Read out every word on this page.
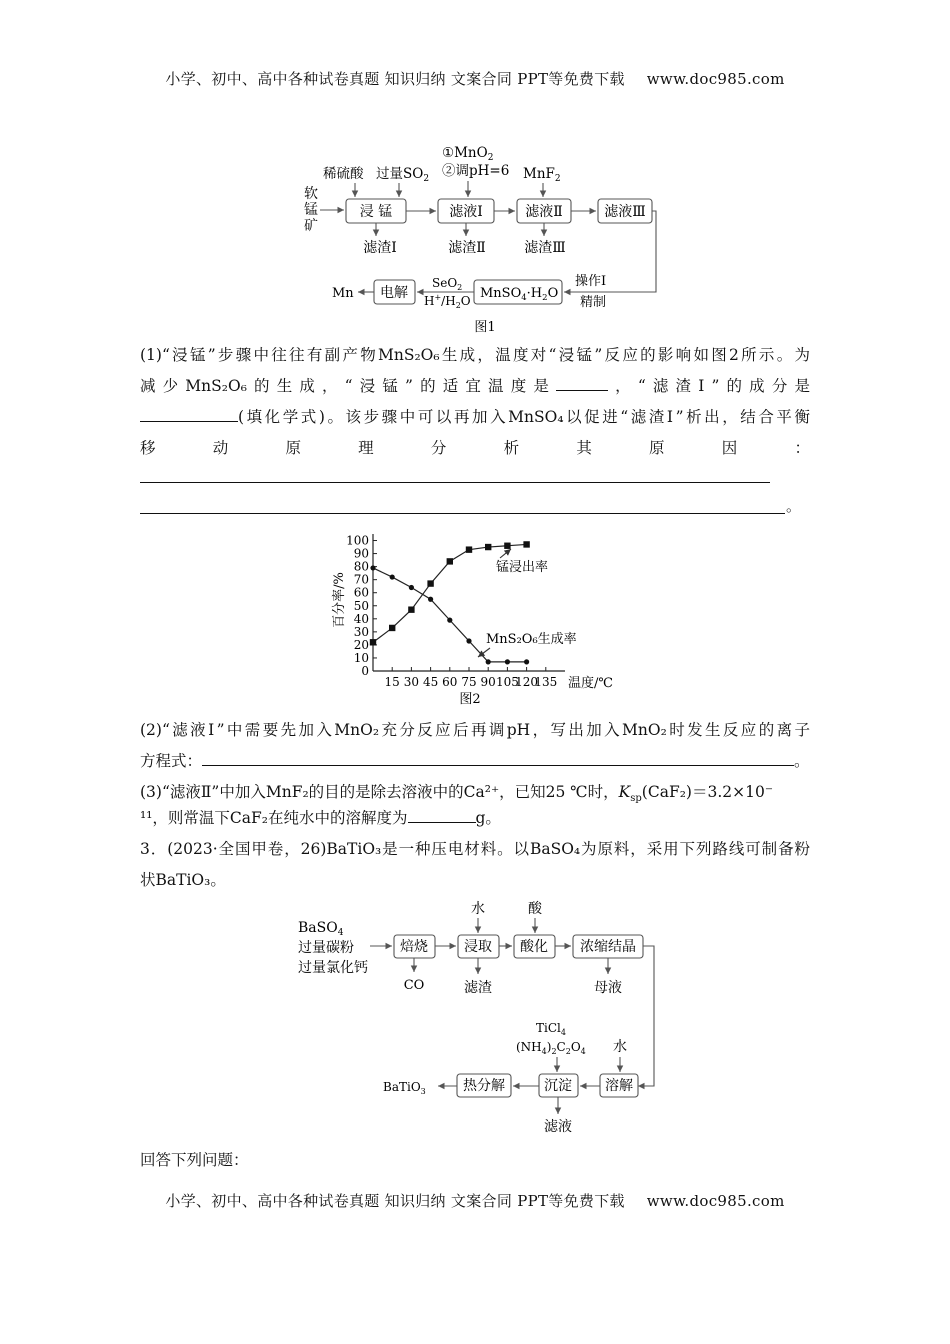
小学、初中、高中各种试卷真题 知识归纳 文案合同 PPT等免费下载 www.doc985.com
软
锰
矿
稀硫酸 过量$SO_2$
①MnO$_2$
②调pH=6 MnF$_2$
浸 锰	滤液Ⅰ	滤液Ⅱ	滤液Ⅲ
滤渣Ⅰ	滤渣Ⅱ	滤渣Ⅲ
操作Ⅰ
精制
$MnSO_4\cdot H_2O$
SeO$_2$
$H^+/H_2O$
电解
Mn
图1
(1)“浸锰”步骤中往往有副产物MnS₂O₆生成，温度对“浸锰”反应的影响如图2所示。为
减少MnS₂O₆的生成，“浸锰”的适宜温度是	，“滤渣Ⅰ”的成分是
(填化学式)。该步骤中可以再加入MnSO₄以促进“滤渣Ⅰ”析出，结合平衡
移动原理分析其原因：
。
0
10
20
30
40
50
60
70
80
90
100
15 30 45 60 75 90 105
120
135
百分率/%
温度/℃
图2
锰浸出率
MnS₂O₆生成率
(2)“滤液Ⅰ”中需要先加入MnO₂充分反应后再调pH，写出加入MnO₂时发生反应的离子
方程式：	。
(3)“滤液Ⅱ”中加入MnF₂的目的是除去溶液中的Ca²⁺，已知25 ℃时，$K_{sp}(CaF_2)=3.2\times 10^-$
¹¹，则常温下CaF₂在纯水中的溶解度为	g。
3．(2023·全国甲卷，26)BaTiO₃是一种压电材料。以BaSO₄为原料，采用下列路线可制备粉
状BaTiO₃。
BaSO$_4$
过量碳粉
过量氯化钙
焙烧	浸取 酸化 浓缩结晶
水	酸
CO	滤渣	母液
TiCl$_4$
$(NH_4)_2C_2O_4$ 水
溶解
沉淀
热分解
BaTiO$_3$
滤液
回答下列问题：
小学、初中、高中各种试卷真题 知识归纳 文案合同 PPT等免费下载 www.doc985.com
